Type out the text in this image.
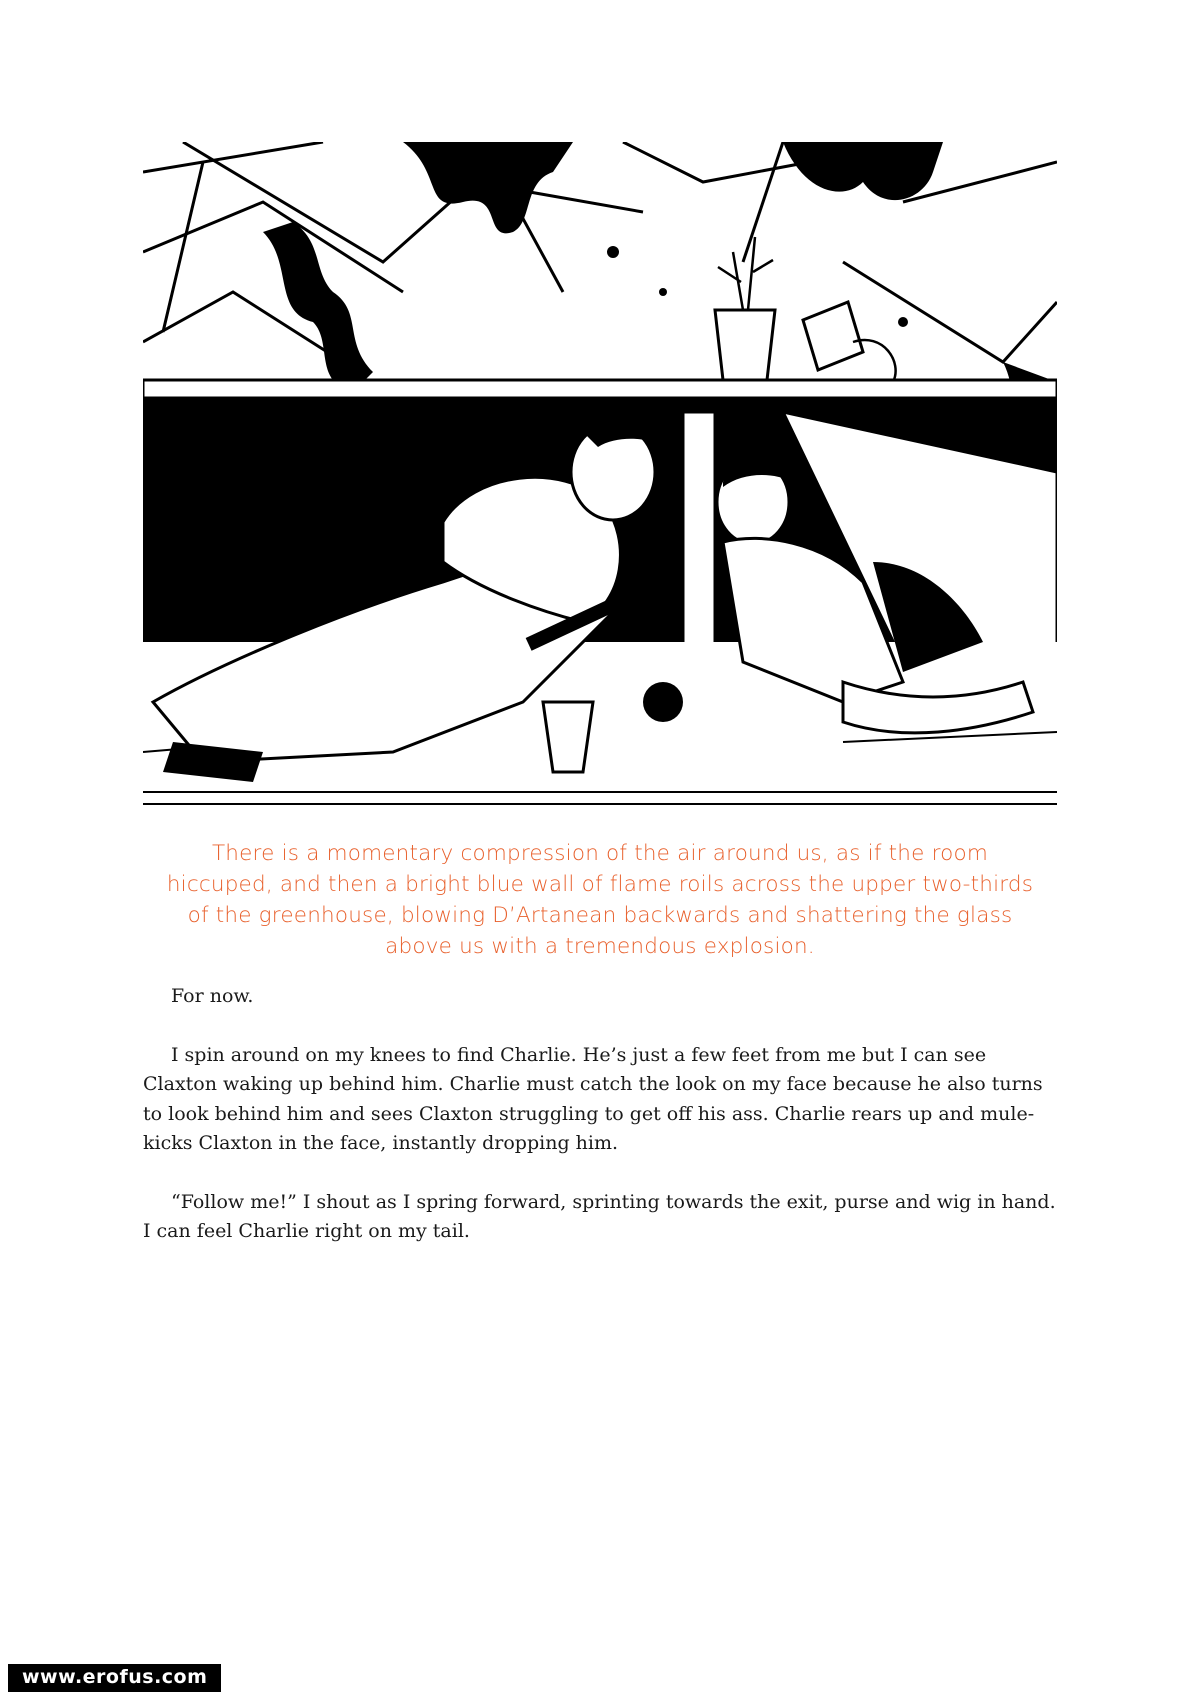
There is a momentary compression of the air around us, as if the room hiccuped, and then a bright blue wall of flame roils across the upper two-thirds of the greenhouse, blowing D’Artanean backwards and shattering the glass above us with a tremendous explosion.

For now.

I spin around on my knees to find Charlie. He’s just a few feet from me but I can see Claxton waking up behind him. Charlie must catch the look on my face because he also turns to look behind him and sees Claxton struggling to get off his ass. Charlie rears up and mule-kicks Claxton in the face, instantly dropping him.

“Follow me!” I shout as I spring forward, sprinting towards the exit, purse and wig in hand. I can feel Charlie right on my tail.

www.erofus.com
